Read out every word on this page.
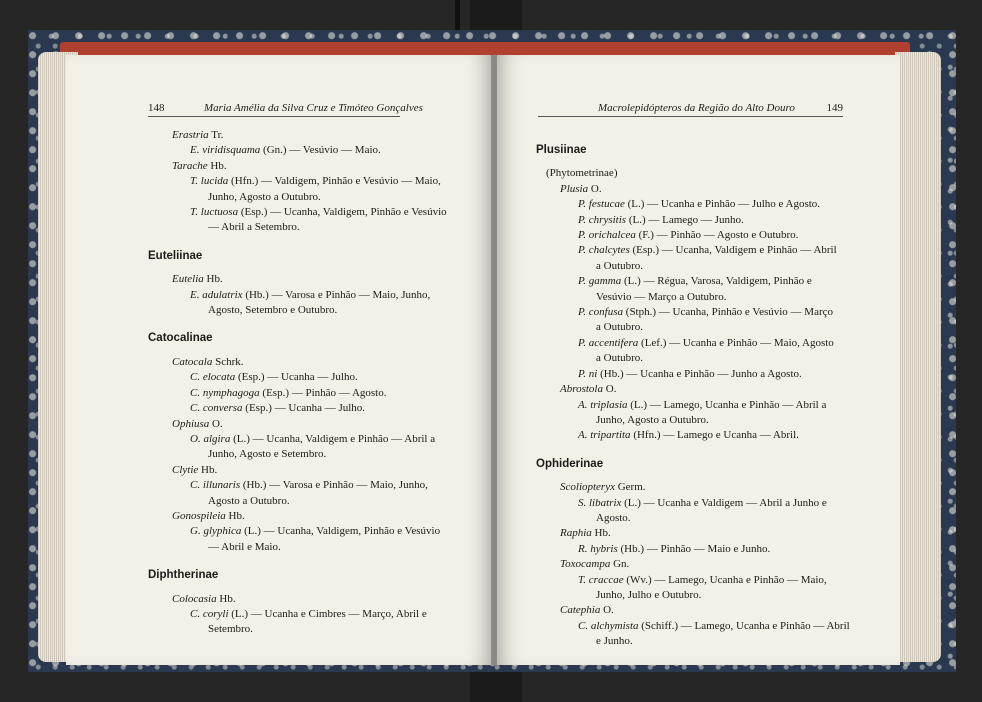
148	Maria Amélia da Silva Cruz e Timóteo Gonçalves
	Macrolepidópteros da Região do Alto Douro	149

Erastria Tr.
E. viridisquama (Gn.) — Vesúvio — Maio.
Tarache Hb.
T. lucida (Hfn.) — Valdigem, Pinhão e Vesúvio — Maio,
Junho, Agosto a Outubro.
T. luctuosa (Esp.) — Ucanha, Valdigem, Pinhão e Vesúvio
— Abril a Setembro.
Euteliinae
Eutelia Hb.
E. adulatrix (Hb.) — Varosa e Pinhão — Maio, Junho,
Agosto, Setembro e Outubro.
Catocalinae
Catocala Schrk.
C. elocata (Esp.) — Ucanha — Julho.
C. nymphagoga (Esp.) — Pinhão — Agosto.
C. conversa (Esp.) — Ucanha — Julho.
Ophiusa O.
O. algira (L.) — Ucanha, Valdigem e Pinhão — Abril a
Junho, Agosto e Setembro.
Clytie Hb.
C. illunaris (Hb.) — Varosa e Pinhão — Maio, Junho,
Agosto a Outubro.
Gonospileia Hb.
G. glyphica (L.) — Ucanha, Valdigem, Pinhão e Vesúvio
— Abril e Maio.
Diphtherinae
Colocasia Hb.
C. coryli (L.) — Ucanha e Cimbres — Março, Abril e
Setembro.
Plusiinae
(Phytometrinae)
Plusia O.
P. festucae (L.) — Ucanha e Pinhão — Julho e Agosto.
P. chrysitis (L.) — Lamego — Junho.
P. orichalcea (F.) — Pinhão — Agosto e Outubro.
P. chalcytes (Esp.) — Ucanha, Valdigem e Pinhão — Abril
a Outubro.
P. gamma (L.) — Régua, Varosa, Valdigem, Pinhão e
Vesúvio — Março a Outubro.
P. confusa (Stph.) — Ucanha, Pinhão e Vesúvio — Março
a Outubro.
P. accentifera (Lef.) — Ucanha e Pinhão — Maio, Agosto
a Outubro.
P. ni (Hb.) — Ucanha e Pinhão — Junho a Agosto.
Abrostola O.
A. triplasia (L.) — Lamego, Ucanha e Pinhão — Abril a
Junho, Agosto a Outubro.
A. tripartita (Hfn.) — Lamego e Ucanha — Abril.
Ophiderinae
Scoliopteryx Germ.
S. libatrix (L.) — Ucanha e Valdigem — Abril a Junho e
Agosto.
Raphia Hb.
R. hybris (Hb.) — Pinhão — Maio e Junho.
Toxocampa Gn.
T. craccae (Wv.) — Lamego, Ucanha e Pinhão — Maio,
Junho, Julho e Outubro.
Catephia O.
C. alchymista (Schiff.) — Lamego, Ucanha e Pinhão — Abril
e Junho.
